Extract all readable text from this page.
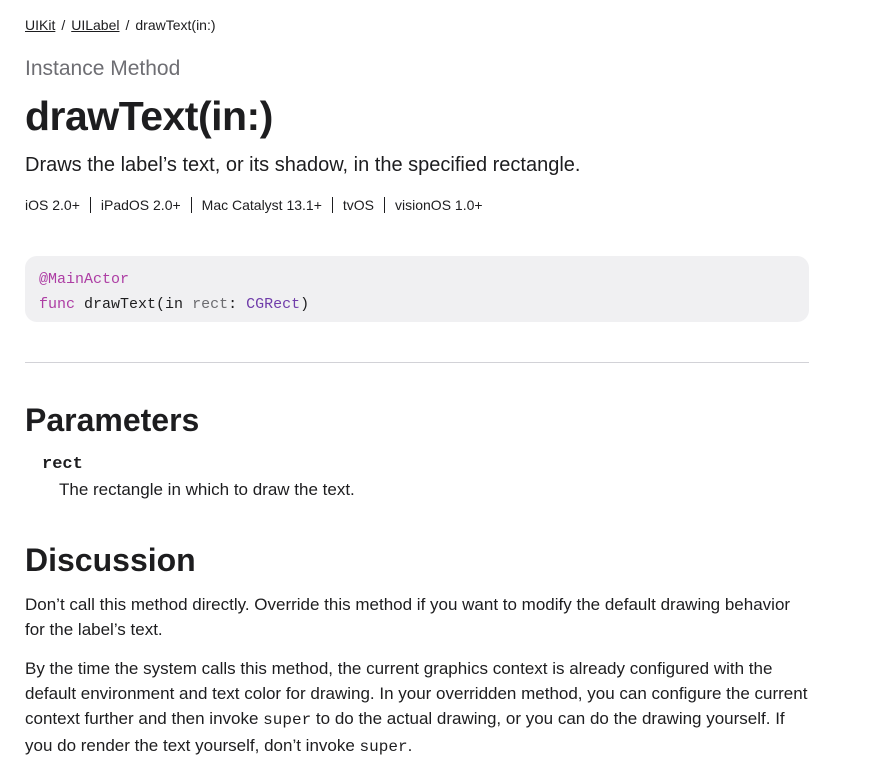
UIKit / UILabel / drawText(in:)
Instance Method
drawText(in:)
Draws the label’s text, or its shadow, in the specified rectangle.
iOS 2.0+	iPadOS 2.0+	Mac Catalyst 13.1+	tvOS	visionOS 1.0+
@MainActor
func drawText(in rect: CGRect)
Parameters
rect
The rectangle in which to draw the text.
Discussion

Don’t call this method directly. Override this method if you want to modify the default drawing behavior for the label’s text.

By the time the system calls this method, the current graphics context is already configured with the default environment and text color for drawing. In your overridden method, you can configure the current context further and then invoke super to do the actual drawing, or you can do the drawing yourself. If you do render the text yourself, don’t invoke super.
